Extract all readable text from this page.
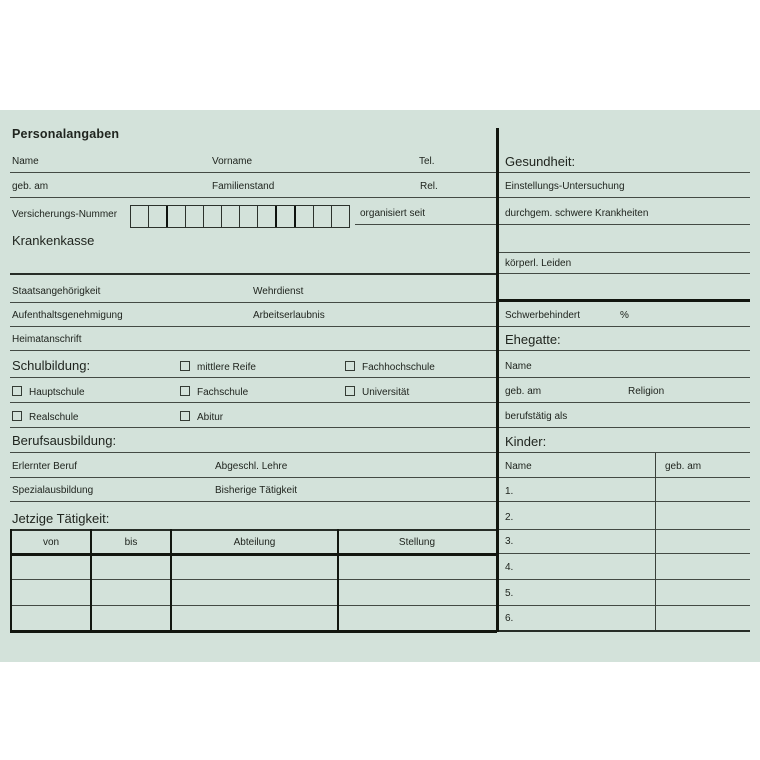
Personalangaben
Name	Vorname	Tel.
geb. am	Familienstand	Rel.
Versicherungs-Nummer	organisiert seit
Krankenkasse
Staatsangehörigkeit	Wehrdienst
Aufenthaltsgenehmigung	Arbeitserlaubnis
Heimatanschrift
Schulbildung:	mittlere Reife	Fachhochschule
Hauptschule	Fachschule	Universität
Realschule	Abitur
Berufsausbildung:
Erlernter Beruf	Abgeschl. Lehre
Spezialausbildung	Bisherige Tätigkeit
Jetzige Tätigkeit:
von	bis	Abteilung	Stellung
Gesundheit:
Einstellungs-Untersuchung
durchgem. schwere Krankheiten
körperl. Leiden
Schwerbehindert	%
Ehegatte:
Name
geb. am	Religion
berufstätig als
Kinder:
Name	geb. am
1.
2.
3.
4.
5.
6.
